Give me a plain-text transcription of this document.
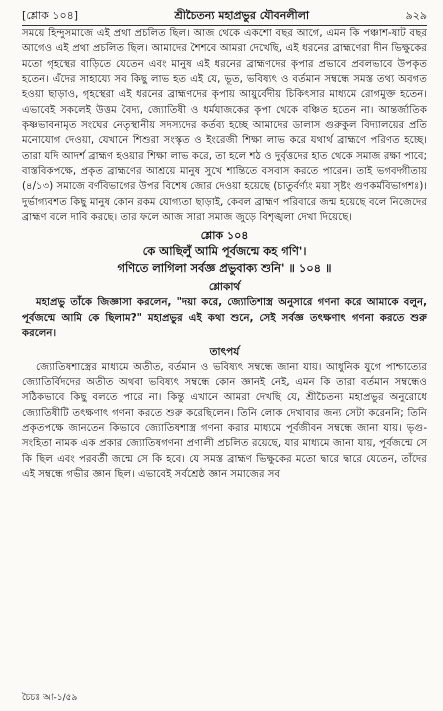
[শ্লোক ১০৪]	শ্রীচৈতন্য মহাপ্রভুর যৌবনলীলা	৯২৯

সময়ে হিন্দুসমাজে এই প্রথা প্রচলিত ছিল। আজ থেকে একশো বছর আগে, এমন কি পঞ্চাশ-ষাট বছর আগেও এই প্রথা প্রচলিত ছিল। আমাদের শৈশবে আমরা দেখেছি, এই ধরনের ব্রাহ্মণেরা দীন ভিক্ষুকের মতো গৃহস্থের বাড়িতে যেতেন এবং মানুষ এই ধরনের ব্রাহ্মণদের কৃপার প্রভাবে প্রবলভাবে উপকৃত হতেন। এঁদের সাহায্যে সব কিছু লাভ হত এই যে, ভূত, ভবিষ্যৎ ও বর্তমান সম্বন্ধে সমস্ত তথ্য অবগত হওয়া ছাড়াও, গৃহস্থেরা এই ধরনের ব্রাহ্মণদের কৃপায় আয়ুর্বেদীয় চিকিৎসার মাধ্যমে রোগমুক্ত হতেন। এভাবেই সকলেই উত্তম বৈদ্য, জ্যোতিষী ও ধর্মযাজকের কৃপা থেকে বঞ্চিত হতেন না। আন্তর্জাতিক কৃষ্ণভাবনামৃত সংঘের নেতৃস্থানীয় সদস্যদের কর্তব্য হচ্ছে আমাদের ডালাস গুরুকুল বিদ্যালয়ের প্রতি মনোযোগ দেওয়া, যেখানে শিশুরা সংস্কৃত ও ইংরেজী শিক্ষা লাভ করে যথার্থ ব্রাহ্মণে পরিণত হচ্ছে। তারা যদি আদর্শ ব্রাহ্মণ হওয়ার শিক্ষা লাভ করে, তা হলে শঠ ও দুর্বৃত্তদের হাত থেকে সমাজ রক্ষা পাবে; বাস্তবিকপক্ষে, প্রকৃত ব্রাহ্মণের আশ্রয়ে মানুষ সুখে শান্তিতে বসবাস করতে পারেন। তাই ভগবদ্গীতায় (৪/১৩) সমাজে বর্ণবিভাগের উপর বিশেষ জোর দেওয়া হয়েছে (চাতুর্বর্ণ্যং ময়া সৃষ্টং গুণকর্মবিভাগশঃ)। দুর্ভাগ্যবশত কিছু মানুষ কোন রকম যোগ্যতা ছাড়াই, কেবল ব্রাহ্মণ পরিবারে জন্ম হয়েছে বলে নিজেদের ব্রাহ্মণ বলে দাবি করছে। তার ফলে আজ সারা সমাজ জুড়ে বিশৃঙ্খলা দেখা দিয়েছে।

শ্লোক ১০৪
কে আছিলুঁ আমি পূর্বজন্মে কহ গণি'।
গণিতে লাগিলা সর্বজ্ঞ প্রভুবাক্য শুনি' ॥ ১০৪ ॥
শ্লোকার্থ

মহাপ্রভু তাঁকে জিজ্ঞাসা করলেন, "দয়া করে, জ্যোতিশাস্ত্র অনুসারে গণনা করে আমাকে বলুন, পূর্বজন্মে আমি কে ছিলাম?" মহাপ্রভুর এই কথা শুনে, সেই সর্বজ্ঞ তৎক্ষণাৎ গণনা করতে শুরু করলেন।

তাৎপর্য

জ্যোতিষশাস্ত্রের মাধ্যমে অতীত, বর্তমান ও ভবিষ্যৎ সম্বন্ধে জানা যায়। আধুনিক যুগে পাশ্চাত্যের জ্যোতির্বিদদের অতীত অথবা ভবিষ্যৎ সম্বন্ধে কোন জ্ঞানই নেই, এমন কি তারা বর্তমান সম্বন্ধেও সঠিকভাবে কিছু বলতে পারে না। কিন্তু এখানে আমরা দেখছি যে, শ্রীচৈতন্য মহাপ্রভুর অনুরোধে জ্যোতিষীটি তৎক্ষণাৎ গণনা করতে শুরু করেছিলেন। তিনি লোক দেখাবার জন্য সেটা করেননি; তিনি প্রকৃতপক্ষে জানতেন কিভাবে জ্যোতিষশাস্ত্র গণনা করার মাধ্যমে পূর্বজীবন সম্বন্ধে জানা যায়। ভৃগু-সংহিতা নামক এক প্রকার জ্যোতিষগণনা প্রণালী প্রচলিত রয়েছে, যার মাধ্যমে জানা যায়, পূর্বজন্মে সে কি ছিল এবং পরবর্তী জন্মে সে কি হবে। যে সমস্ত ব্রাহ্মণ ভিক্ষুকের মতো দ্বারে দ্বারে যেতেন, তাঁদের এই সম্বন্ধে গভীর জ্ঞান ছিল। এভাবেই সর্বশ্রেষ্ঠ জ্ঞান সমাজের সব

চৈচঃ আ-১/৫৯
